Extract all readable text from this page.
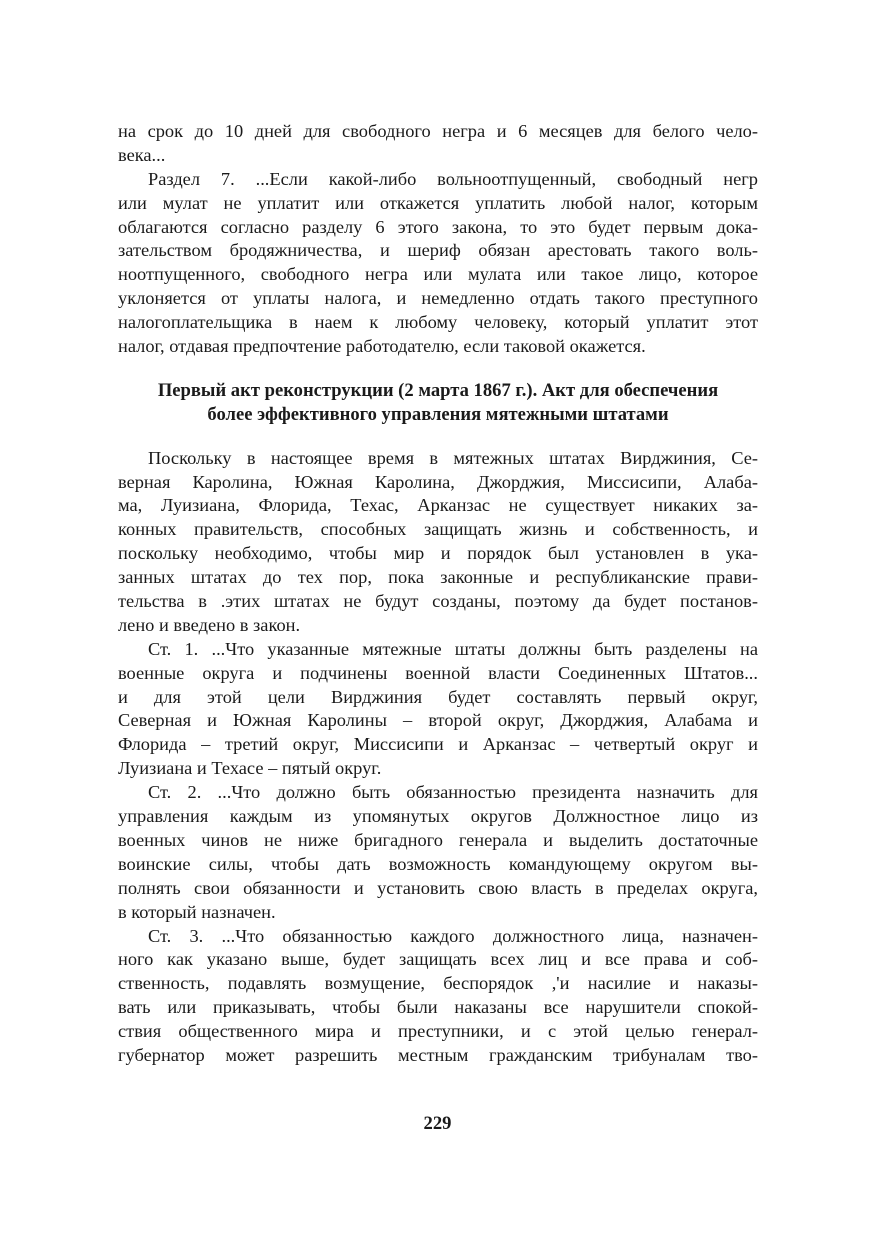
на срок до 10 дней для свободного негра и 6 месяцев для белого чело-

века...

Раздел 7. ...Если какой-либо вольноотпущенный, свободный негр

или мулат не уплатит или откажется уплатить любой налог, которым

облагаются согласно разделу 6 этого закона, то это будет первым дока-

зательством бродяжничества, и шериф обязан арестовать такого воль-

ноотпущенного, свободного негра или мулата или такое лицо, которое

уклоняется от уплаты налога, и немедленно отдать такого преступного

налогоплательщика в наем к любому человеку, который уплатит этот

налог, отдавая предпочтение работодателю, если таковой окажется.

Первый акт реконструкции (2 марта 1867 г.). Акт для обеспечения

более эффективного управления мятежными штатами

Поскольку в настоящее время в мятежных штатах Вирджиния, Се-

верная Каролина, Южная Каролина, Джорджия, Миссисипи, Алаба-

ма, Луизиана, Флорида, Техас, Арканзас не существует никаких за-

конных правительств, способных защищать жизнь и собственность, и

поскольку необходимо, чтобы мир и порядок был установлен в ука-

занных штатах до тех пор, пока законные и республиканские прави-

тельства в .этих штатах не будут созданы, поэтому да будет постанов-

лено и введено в закон.

Ст. 1. ...Что указанные мятежные штаты должны быть разделены на

военные округа и подчинены военной власти Соединенных Штатов...

и для этой цели Вирджиния будет составлять первый округ,

Северная и Южная Каролины – второй округ, Джорджия, Алабама и

Флорида – третий округ, Миссисипи и Арканзас – четвертый округ и

Луизиана и Техасе – пятый округ.

Ст. 2. ...Что должно быть обязанностью президента назначить для

управления каждым из упомянутых округов Должностное лицо из

военных чинов не ниже бригадного генерала и выделить достаточные

воинские силы, чтобы дать возможность командующему округом вы-

полнять свои обязанности и установить свою власть в пределах округа,

в который назначен.

Ст. 3. ...Что обязанностью каждого должностного лица, назначен-

ного как указано выше, будет защищать всех лиц и все права и соб-

ственность, подавлять возмущение, беспорядок ,'и насилие и наказы-

вать или приказывать, чтобы были наказаны все нарушители спокой-

ствия общественного мира и преступники, и с этой целью генерал-

губернатор может разрешить местным гражданским трибуналам тво-

229
